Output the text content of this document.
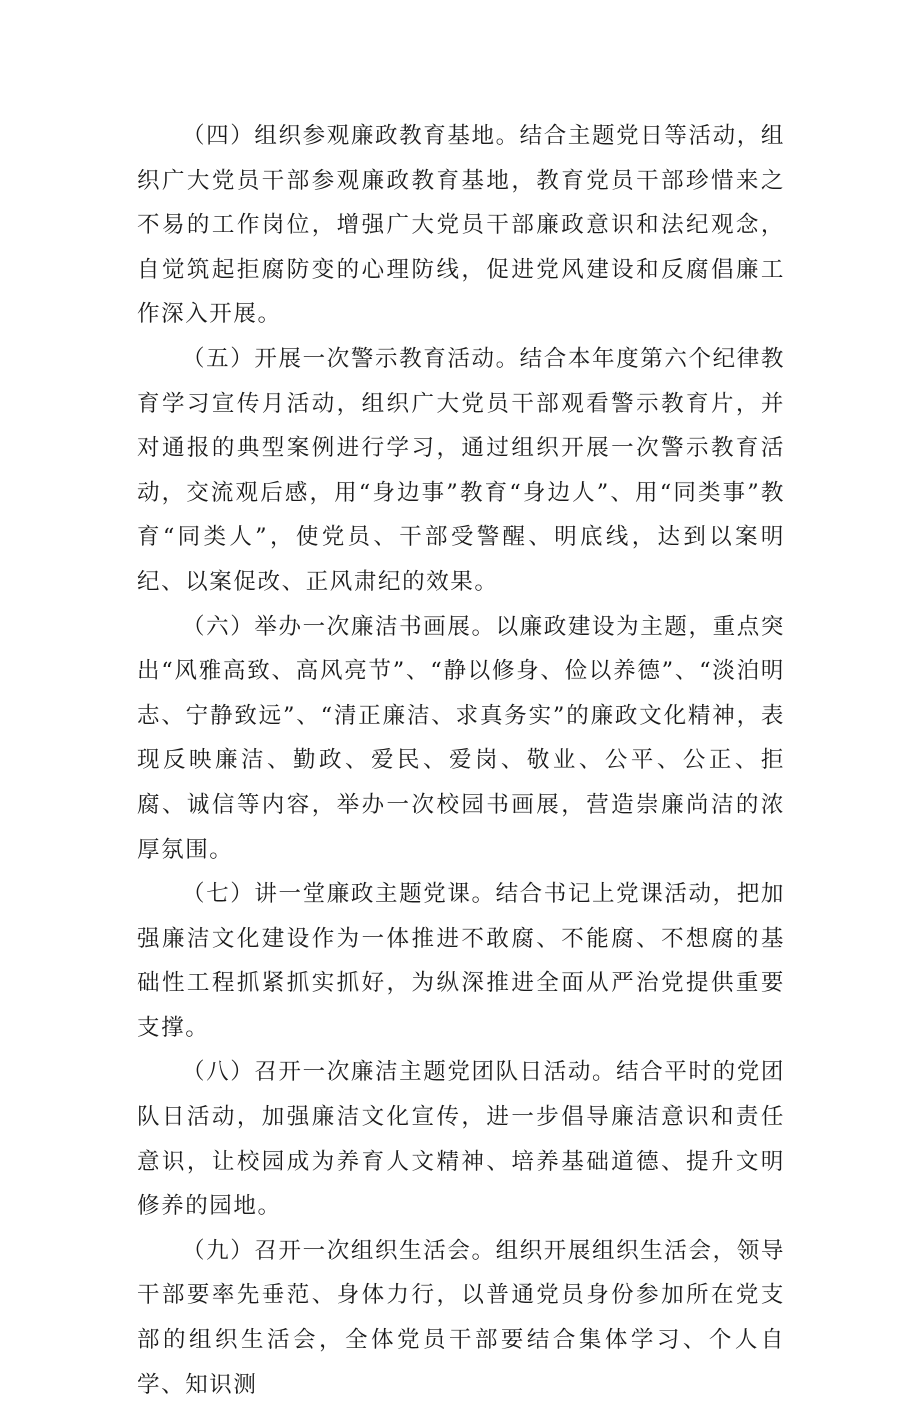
（四）组织参观廉政教育基地。结合主题党日等活动，组织广大党员干部参观廉政教育基地，教育党员干部珍惜来之不易的工作岗位，增强广大党员干部廉政意识和法纪观念，自觉筑起拒腐防变的心理防线，促进党风建设和反腐倡廉工作深入开展。

（五）开展一次警示教育活动。结合本年度第六个纪律教育学习宣传月活动，组织广大党员干部观看警示教育片，并对通报的典型案例进行学习，通过组织开展一次警示教育活动，交流观后感，用“身边事”教育“身边人”、用“同类事”教育“同类人”，使党员、干部受警醒、明底线，达到以案明纪、以案促改、正风肃纪的效果。

（六）举办一次廉洁书画展。以廉政建设为主题，重点突出“风雅高致、高风亮节”、“静以修身、俭以养德”、“淡泊明志、宁静致远”、“清正廉洁、求真务实”的廉政文化精神，表现反映廉洁、勤政、爱民、爱岗、敬业、公平、公正、拒腐、诚信等内容，举办一次校园书画展，营造崇廉尚洁的浓厚氛围。

（七）讲一堂廉政主题党课。结合书记上党课活动，把加强廉洁文化建设作为一体推进不敢腐、不能腐、不想腐的基础性工程抓紧抓实抓好，为纵深推进全面从严治党提供重要支撑。

（八）召开一次廉洁主题党团队日活动。结合平时的党团队日活动，加强廉洁文化宣传，进一步倡导廉洁意识和责任意识，让校园成为养育人文精神、培养基础道德、提升文明修养的园地。

（九）召开一次组织生活会。组织开展组织生活会，领导干部要率先垂范、身体力行，以普通党员身份参加所在党支部的组织生活会，全体党员干部要结合集体学习、个人自学、知识测
